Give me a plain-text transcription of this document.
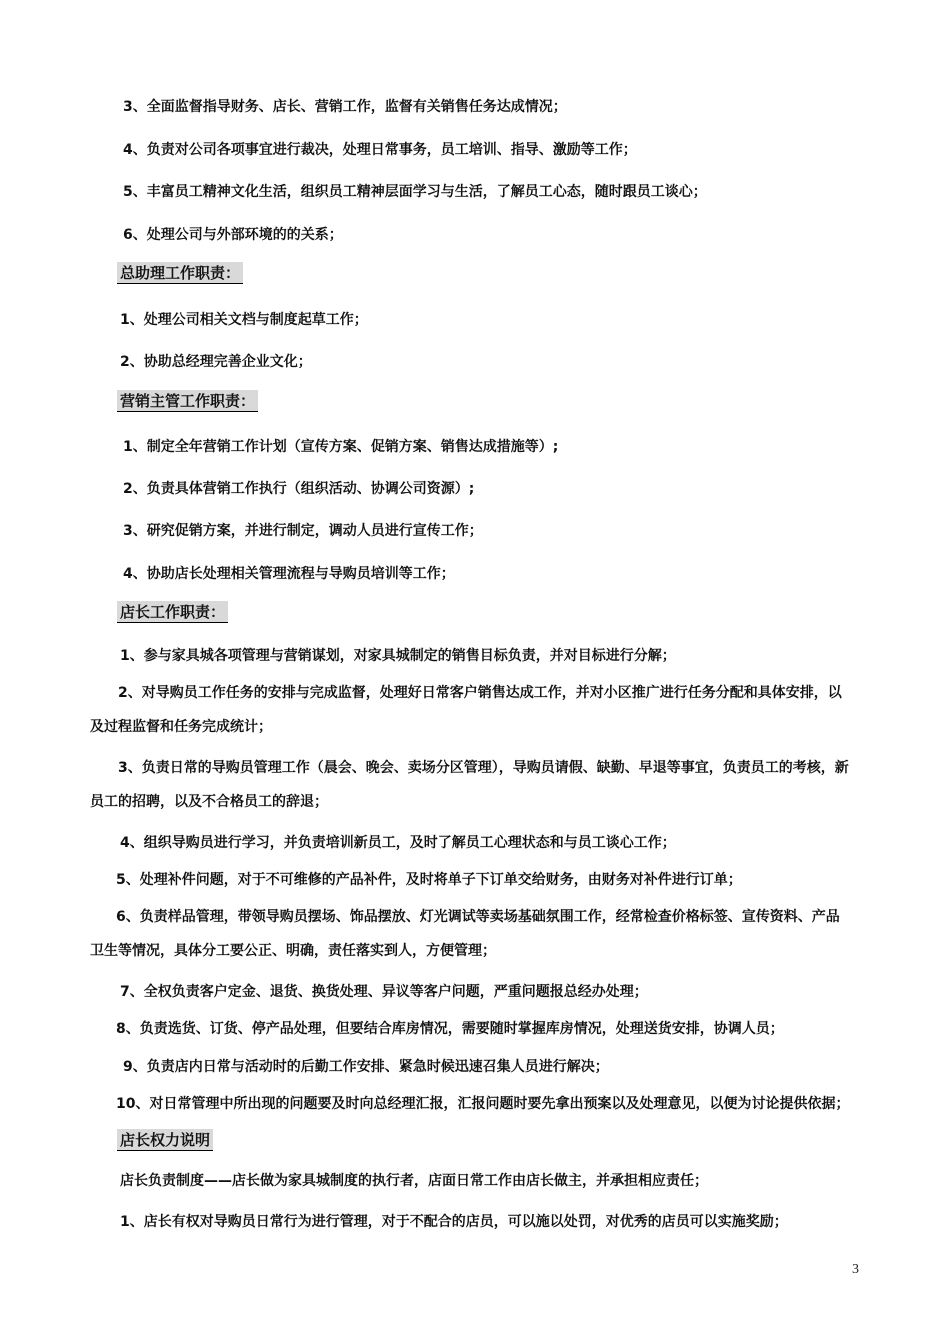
3、全面监督指导财务、店长、营销工作，监督有关销售任务达成情况；
4、负责对公司各项事宜进行裁决，处理日常事务，员工培训、指导、激励等工作；
5、丰富员工精神文化生活，组织员工精神层面学习与生活，了解员工心态，随时跟员工谈心；
6、处理公司与外部环境的的关系；
总助理工作职责：
1、处理公司相关文档与制度起草工作；
2、协助总经理完善企业文化；
营销主管工作职责：
1、制定全年营销工作计划（宣传方案、促销方案、销售达成措施等）;
2、负责具体营销工作执行（组织活动、协调公司资源）;
3、研究促销方案，并进行制定，调动人员进行宣传工作；
4、协助店长处理相关管理流程与导购员培训等工作；
店长工作职责：
1、参与家具城各项管理与营销谋划，对家具城制定的销售目标负责，并对目标进行分解；
2、对导购员工作任务的安排与完成监督，处理好日常客户销售达成工作，并对小区推广进行任务分配和具体安排，以
及过程监督和任务完成统计；
3、负责日常的导购员管理工作（晨会、晚会、卖场分区管理），导购员请假、缺勤、早退等事宜，负责员工的考核，新
员工的招聘，以及不合格员工的辞退；
4、组织导购员进行学习，并负责培训新员工，及时了解员工心理状态和与员工谈心工作；
5、处理补件问题，对于不可维修的产品补件，及时将单子下订单交给财务，由财务对补件进行订单；
6、负责样品管理，带领导购员摆场、饰品摆放、灯光调试等卖场基础氛围工作，经常检查价格标签、宣传资料、产品
卫生等情况，具体分工要公正、明确，责任落实到人，方便管理；
7、全权负责客户定金、退货、换货处理、异议等客户问题，严重问题报总经办处理；
8、负责选货、订货、停产品处理，但要结合库房情况，需要随时掌握库房情况，处理送货安排，协调人员；
9、负责店内日常与活动时的后勤工作安排、紧急时候迅速召集人员进行解决；
10、对日常管理中所出现的问题要及时向总经理汇报，汇报问题时要先拿出预案以及处理意见，以便为讨论提供依据；
店长权力说明
店长负责制度——店长做为家具城制度的执行者，店面日常工作由店长做主，并承担相应责任；
1、店长有权对导购员日常行为进行管理，对于不配合的店员，可以施以处罚，对优秀的店员可以实施奖励；
3
